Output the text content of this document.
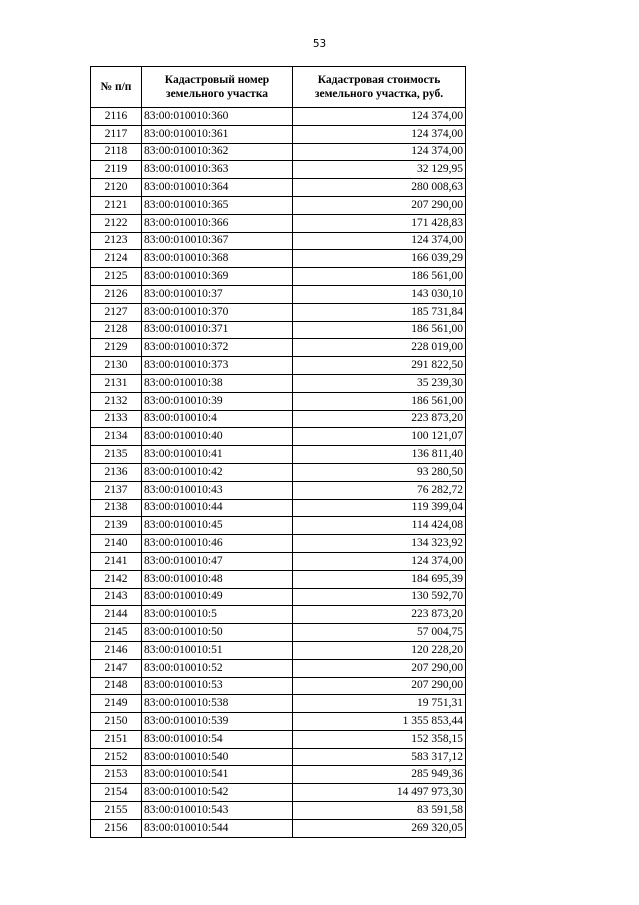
53
№ п/п	Кадастровый номер земельного участка	Кадастровая стоимость земельного участка, руб.
2116	83:00:010010:360	124 374,00
2117	83:00:010010:361	124 374,00
2118	83:00:010010:362	124 374,00
2119	83:00:010010:363	32 129,95
2120	83:00:010010:364	280 008,63
2121	83:00:010010:365	207 290,00
2122	83:00:010010:366	171 428,83
2123	83:00:010010:367	124 374,00
2124	83:00:010010:368	166 039,29
2125	83:00:010010:369	186 561,00
2126	83:00:010010:37	143 030,10
2127	83:00:010010:370	185 731,84
2128	83:00:010010:371	186 561,00
2129	83:00:010010:372	228 019,00
2130	83:00:010010:373	291 822,50
2131	83:00:010010:38	35 239,30
2132	83:00:010010:39	186 561,00
2133	83:00:010010:4	223 873,20
2134	83:00:010010:40	100 121,07
2135	83:00:010010:41	136 811,40
2136	83:00:010010:42	93 280,50
2137	83:00:010010:43	76 282,72
2138	83:00:010010:44	119 399,04
2139	83:00:010010:45	114 424,08
2140	83:00:010010:46	134 323,92
2141	83:00:010010:47	124 374,00
2142	83:00:010010:48	184 695,39
2143	83:00:010010:49	130 592,70
2144	83:00:010010:5	223 873,20
2145	83:00:010010:50	57 004,75
2146	83:00:010010:51	120 228,20
2147	83:00:010010:52	207 290,00
2148	83:00:010010:53	207 290,00
2149	83:00:010010:538	19 751,31
2150	83:00:010010:539	1 355 853,44
2151	83:00:010010:54	152 358,15
2152	83:00:010010:540	583 317,12
2153	83:00:010010:541	285 949,36
2154	83:00:010010:542	14 497 973,30
2155	83:00:010010:543	83 591,58
2156	83:00:010010:544	269 320,05
